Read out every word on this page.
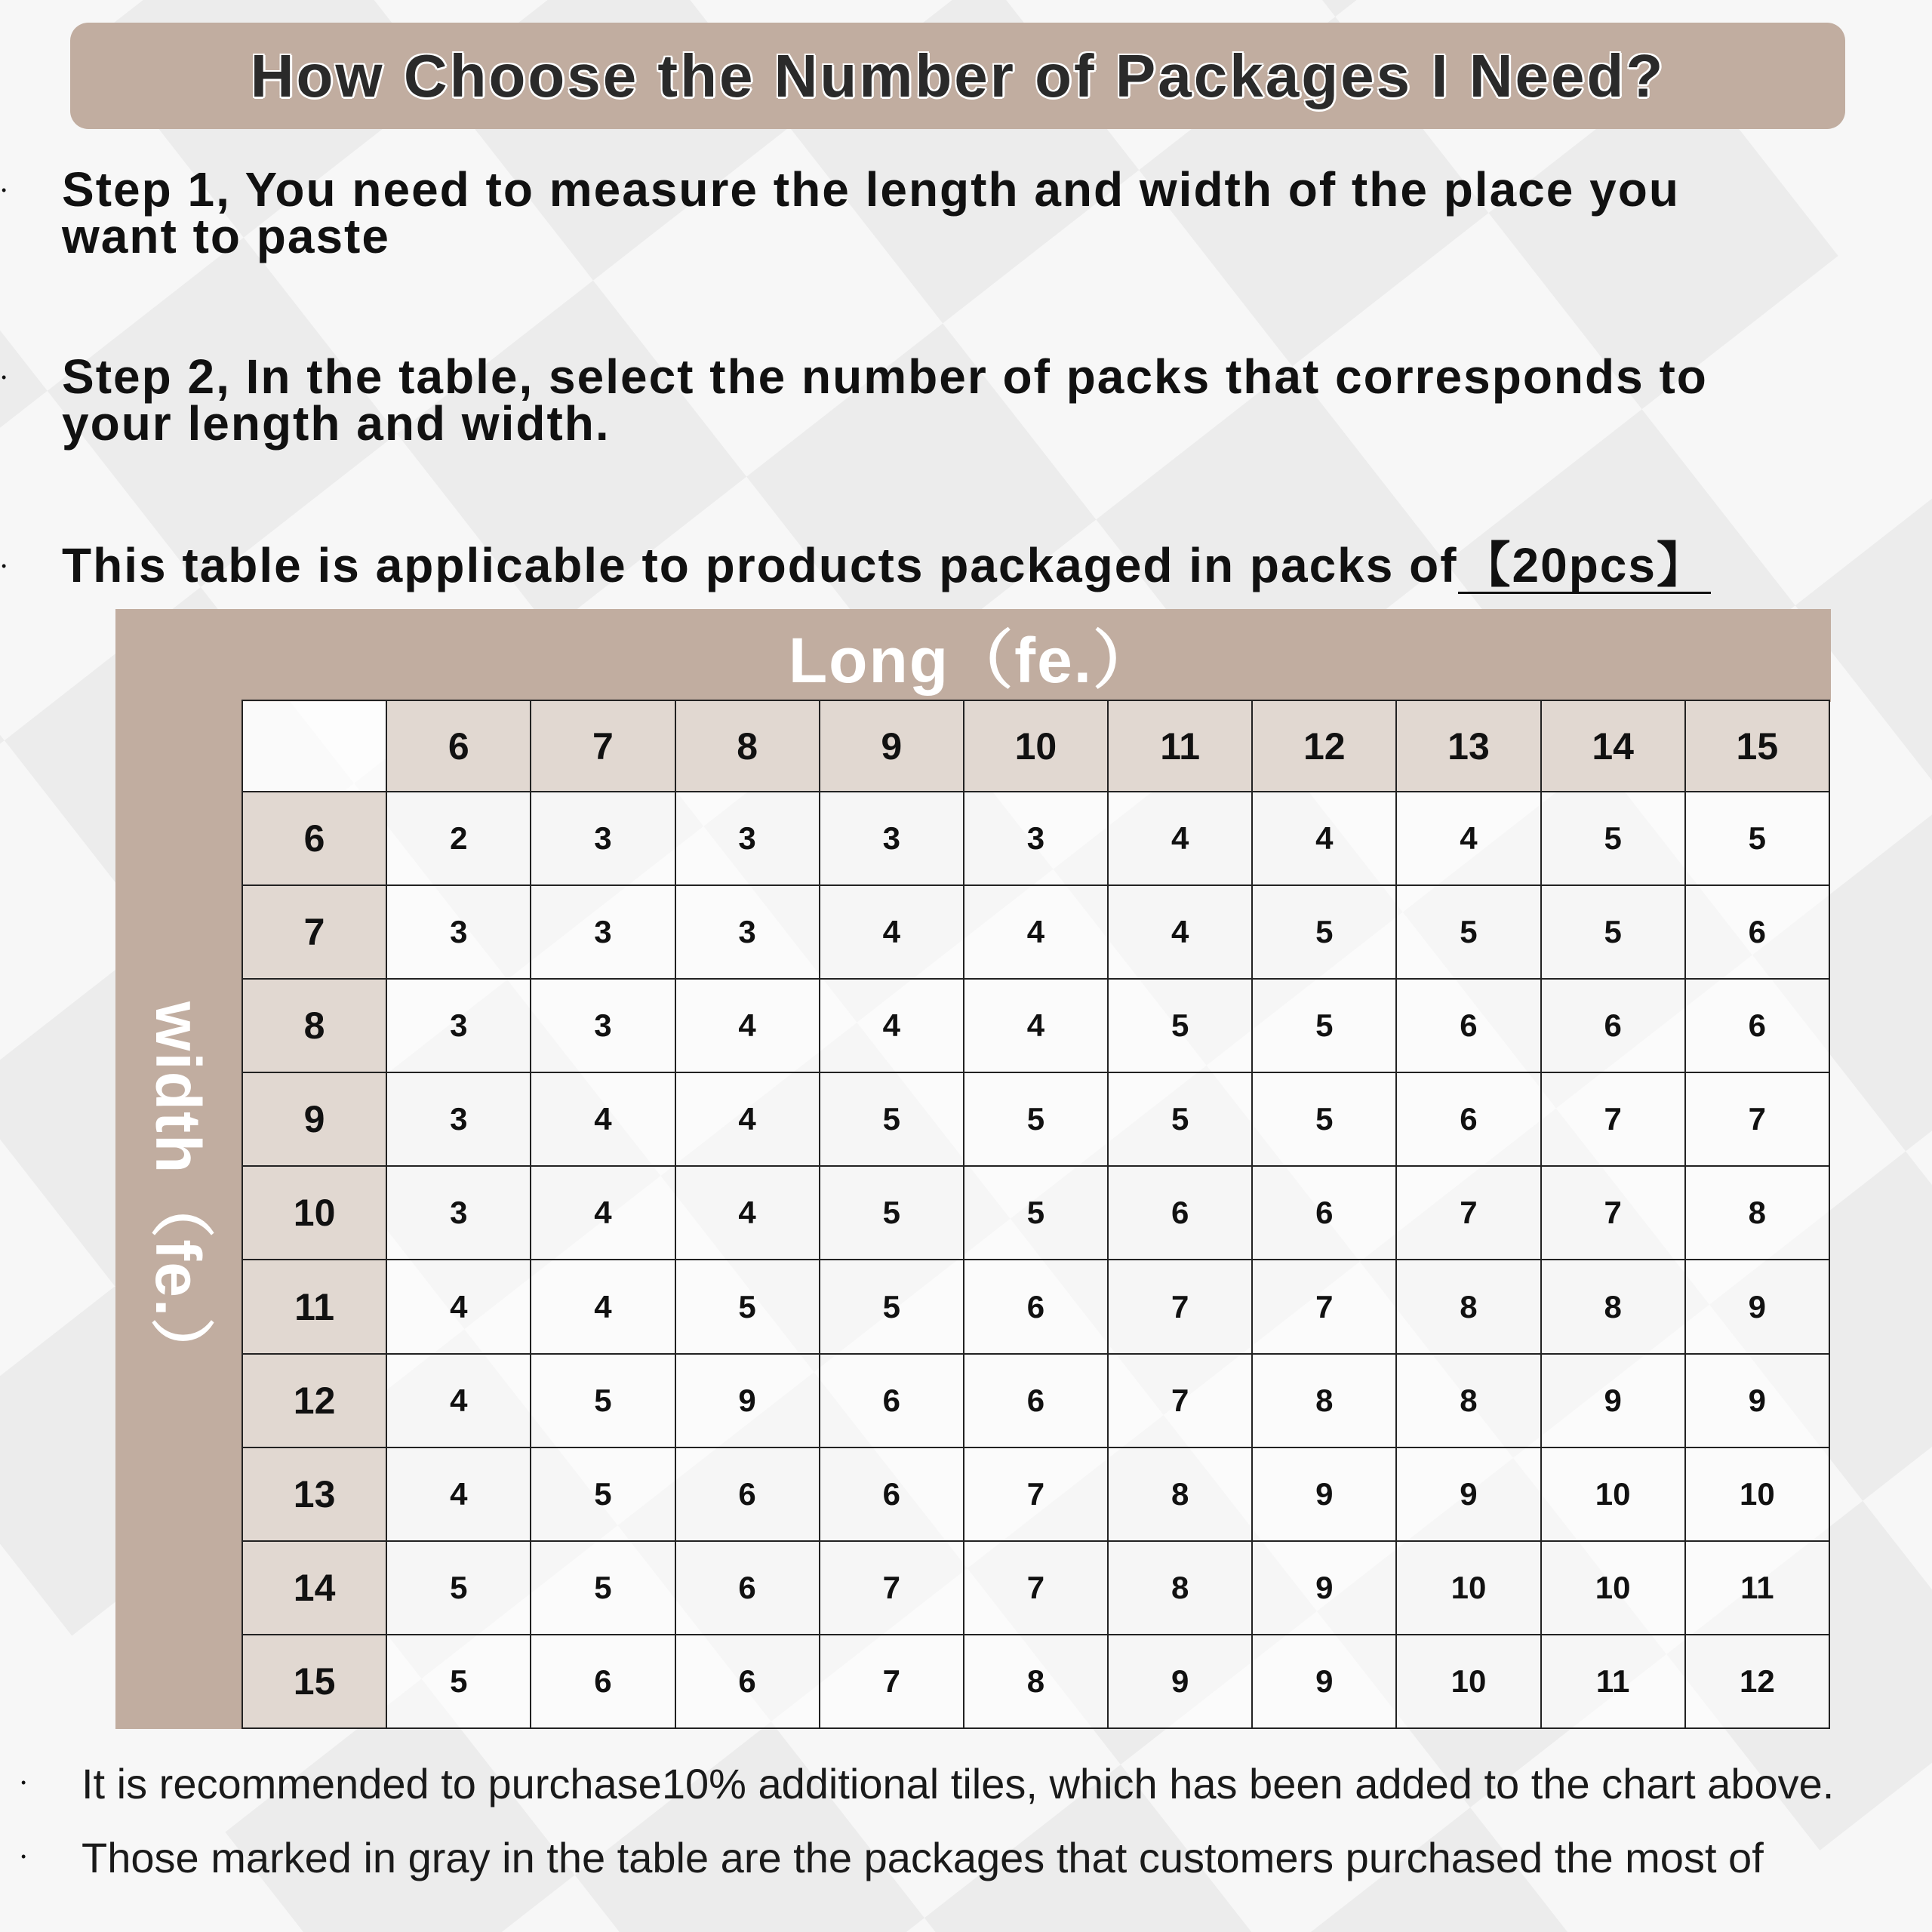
How Choose the Number of Packages I Need?
• Step 1, You need to measure the length and width of the place you
want to paste
• Step 2, In the table, select the number of packs that corresponds to
your length and width.
• This table is applicable to products packaged in packs of【20pcs】
Long（fe.）
width（fe.）
	6	7	8	9	10	11	12	13	14	15
6	2	3	3	3	3	4	4	4	5	5
7	3	3	3	4	4	4	5	5	5	6
8	3	3	4	4	4	5	5	6	6	6
9	3	4	4	5	5	5	5	6	7	7
10	3	4	4	5	5	6	6	7	7	8
11	4	4	5	5	6	7	7	8	8	9
12	4	5	9	6	6	7	8	8	9	9
13	4	5	6	6	7	8	9	9	10	10
14	5	5	6	7	7	8	9	10	10	11
15	5	6	6	7	8	9	9	10	11	12
• It is recommended to purchase10% additional tiles, which has been added to the chart above.
• Those marked in gray in the table are the packages that customers purchased the most of
